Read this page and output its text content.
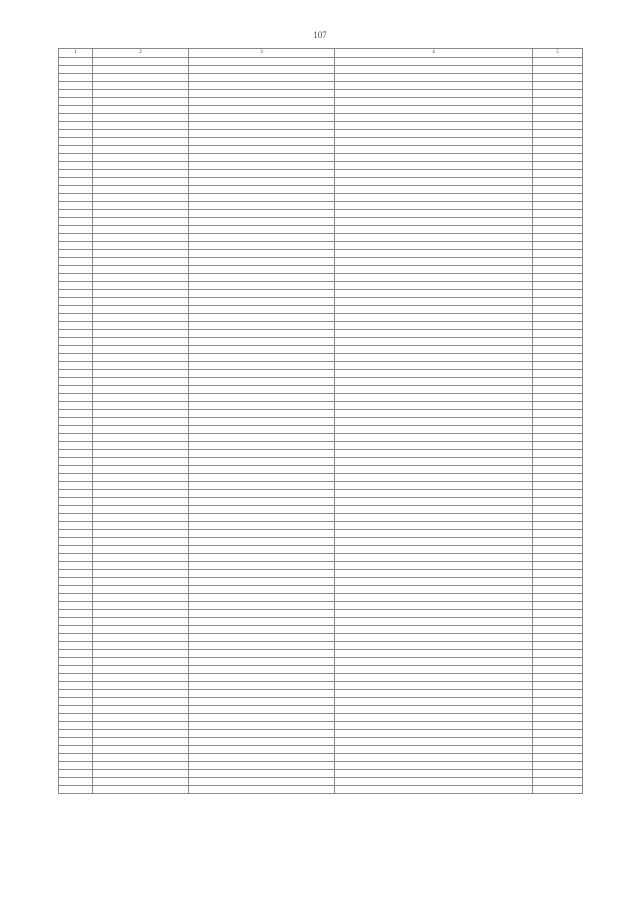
107
1	2	3	4	5
